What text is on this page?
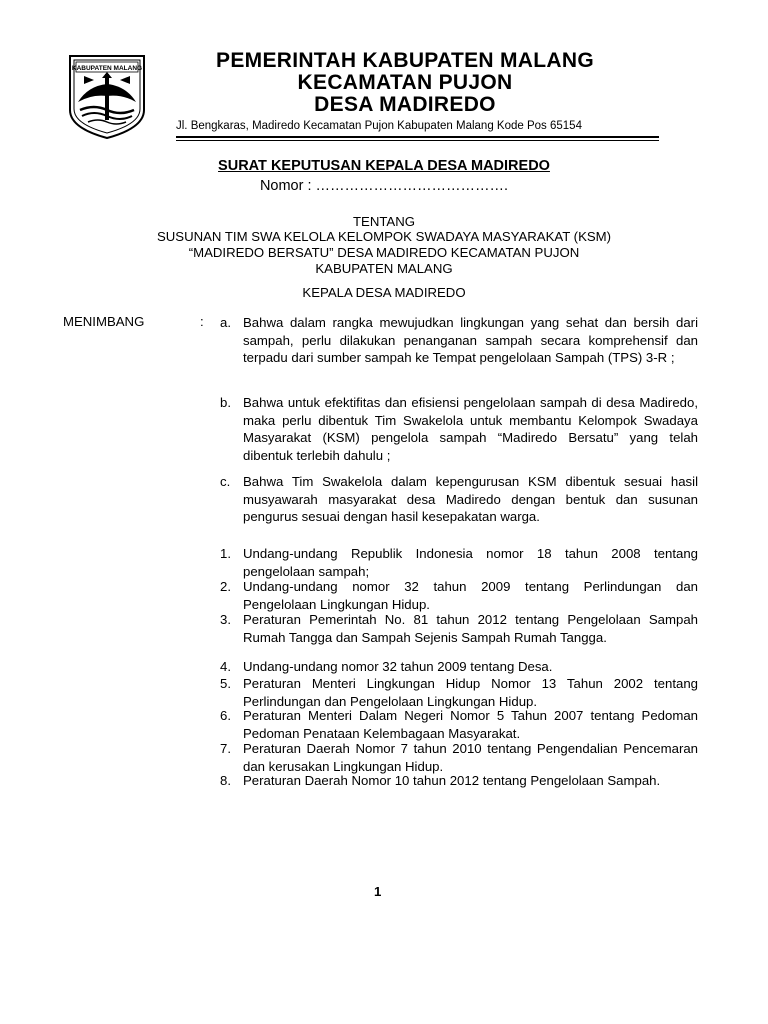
KABUPATEN MALANG	PEMERINTAH KABUPATEN MALANG
KECAMATAN PUJON
DESA MADIREDO
Jl. Bengkaras, Madiredo Kecamatan Pujon Kabupaten Malang Kode Pos 65154
SURAT KEPUTUSAN KEPALA DESA MADIREDO
Nomor : ………………………………….
TENTANG
SUSUNAN TIM SWA KELOLA KELOMPOK SWADAYA MASYARAKAT (KSM)
“MADIREDO BERSATU” DESA MADIREDO KECAMATAN PUJON
KABUPATEN MALANG
KEPALA DESA MADIREDO
MENIMBANG	: a. Bahwa dalam rangka mewujudkan lingkungan yang sehat dan bersih dari sampah, perlu dilakukan penanganan sampah secara komprehensif dan terpadu dari sumber sampah ke Tempat pengelolaan Sampah (TPS) 3-R ;
b. Bahwa untuk efektifitas dan efisiensi pengelolaan sampah di desa Madiredo, maka perlu dibentuk Tim Swakelola untuk membantu Kelompok Swadaya Masyarakat (KSM) pengelola sampah “Madiredo Bersatu” yang telah dibentuk terlebih dahulu ;
c. Bahwa Tim Swakelola dalam kepengurusan KSM dibentuk sesuai hasil musyawarah masyarakat desa Madiredo dengan bentuk dan susunan pengurus sesuai dengan hasil kesepakatan warga.
1. Undang-undang Republik Indonesia nomor 18 tahun 2008 tentang pengelolaan sampah;
2. Undang-undang nomor 32 tahun 2009 tentang Perlindungan dan Pengelolaan Lingkungan Hidup.
3. Peraturan Pemerintah No. 81 tahun 2012 tentang Pengelolaan Sampah Rumah Tangga dan Sampah Sejenis Sampah Rumah Tangga.
4. Undang-undang nomor 32 tahun 2009 tentang Desa.
5. Peraturan Menteri Lingkungan Hidup Nomor 13 Tahun 2002 tentang Perlindungan dan Pengelolaan Lingkungan Hidup.
6. Peraturan Menteri Dalam Negeri Nomor 5 Tahun 2007 tentang Pedoman Pedoman Penataan Kelembagaan Masyarakat.
7. Peraturan Daerah Nomor 7 tahun 2010 tentang Pengendalian Pencemaran dan kerusakan Lingkungan Hidup.
8. Peraturan Daerah Nomor 10 tahun 2012 tentang Pengelolaan Sampah.
1
